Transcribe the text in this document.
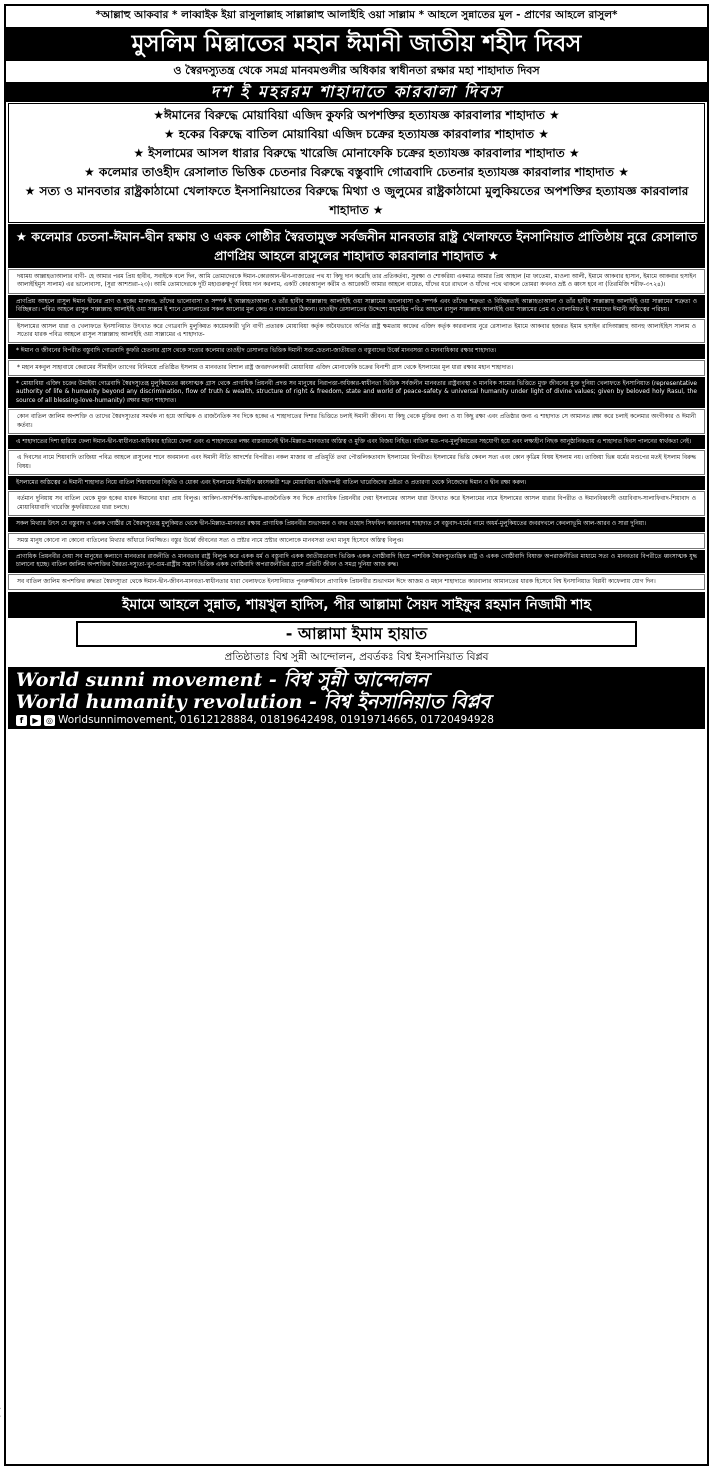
*আল্লাহু আকবার * লাব্বাইক ইয়া রাসুলাল্লাহ সাল্লাল্লাহু আলাইহি ওয়া সাল্লাম * আহলে সুন্নাতের মুল - প্রাণের আহলে রাসুল*
মুসলিম মিল্লাতের মহান ঈমানী জাতীয় শহীদ দিবস
ও স্বৈরদস্যুতন্ত্র থেকে সমগ্র মানবমণ্ডলীর অধিকার স্বাধীনতা রক্ষার মহা শাহাদাত দিবস
দশ ই মহররম শাহাদাতে কারবালা দিবস
★ঈমানের বিরুদ্ধে মোয়াবিয়া এজিদ কুফরি অপশক্তির হত্যাযজ্ঞ কারবালার শাহাদাত ★
★ হকের বিরুদ্ধে বাতিল মোয়াবিয়া এজিদ চক্রের হত্যাযজ্ঞ কারবালার শাহাদাত ★
★ ইসলামের আসল ধারার বিরুদ্ধে খারেজি মোনাফেকি চক্রের হত্যাযজ্ঞ কারবালার শাহাদাত ★
★ কলেমার তাওহীদ রেসালাত ভিত্তিক চেতনার বিরুদ্ধে বস্তুবাদি গোত্রবাদি চেতনার হত্যাযজ্ঞ কারবালার শাহাদাত ★
★ সত্য ও মানবতার রাষ্ট্রকাঠামো খেলাফতে ইনসানিয়াতের বিরুদ্ধে মিথ্যা ও জুলুমের রাষ্ট্রকাঠামো মুলুকিয়তের অপশক্তির হত্যাযজ্ঞ কারবালার শাহাদাত ★
★ কলেমার চেতনা-ঈমান-দ্বীন রক্ষায় ও একক গোষ্ঠীর স্বৈরতামুক্ত সর্বজনীন মানবতার রাষ্ট্র খেলাফতে ইনসানিয়াত প্রাতিষ্ঠায় নুরে রেসালাত প্রাণপ্রিয় আহলে রাসুলের শাহাদাত কারবালার শাহাদাত ★
দয়াময় আল্লাহতাআলার বাণী- হে আমার পরম প্রিয় হাবীব, সবাইকে বলে দিন, আমি তোমাদেরকে ঈমান-কোরআন-দ্বীন-নাজাতের পথ যা কিছু দান করেছি তার প্রতিকর্তব্য, সুরক্ষা ও শোকরিয়া একমাত্র আমার প্রিয় আহাল (মা ফাতেমা, মাওলা আলী, ইমামে আকবার হাসান, ইমামে আকবার হুসাইন আলাইহিমুস সালাম) এর ভালোবাসা, (সুরা আশশুরা-২৩)। আমি তোমাদেরকে দুটি মহাগুরুত্বপূর্ণ বিষয় দান করলাম, একটি কোরআনুল করীম ও আরেকটি আমার আহলে বায়েত, যাঁদের ধরে রাখলে ও যাঁদের পথে থাকলে তোমরা কখনও ভ্রষ্ট ও ধ্বংস হবে না (তিরমিজি শরীফ-৩৭২৪)।
প্রাণপ্রিয় আহলে রাসুল ঈমান দ্বীনের প্রাণ ও হকের মানদণ্ড, তাঁদের ভালোবাসা ও সম্পর্ক ই আল্লাহতাআলা ও তাঁর হাবীব সাল্লাল্লাহু আলাইহি ওয়া সাল্লামের ভালোবাসা ও সম্পর্ক এবং তাঁদের শত্রুতা ও বিচ্ছিন্নতাই আল্লাহতাআলা ও তাঁর হাবীব সাল্লাল্লাহু আলাইহি ওয়া সাল্লামের শত্রুতা ও বিচ্ছিন্নতা। পবিত্র আহলে রাসুল সাল্লাল্লাহু আলাইহি ওয়া সাল্লাম ই শানে রেসালাতের সকল আলোর মূল কেন্দ্র ও নাজাতের ঠিকানা। তাওহীদ রেসালাতের উদ্দেশ্যে মহামহিম পবিত্র আহলে রাসুল সাল্লাল্লাহু আলাইহি ওয়া সাল্লামের প্রেম ও গোলামিয়ত ই আমাদের ঈমানী অস্তিত্বের পরিচয়।
ইসলামের আসল ধারা ও খেলাফতে ইনসানিয়াত উৎখাত করে গোত্রবাদি মুলুকিয়ত কায়েমকারী খুনি বাগী প্রতারক মোয়াবিয়া কর্তৃক অবৈধভাবে অর্পিত রাষ্ট্র ক্ষমতায় কাফের এজিদ কর্তৃক কারবালায় নুরে রেসালাত ইমামে আকবার হজরত ইমাম হুসাইন রাদিআল্লাহু আনহু আলাইহিস সালাম ও সত্যের ধারক পবিত্র আহলে রাসুল সাল্লাল্লাহু আলাইহি ওয়া সাল্লামের এ শাহাদাত-
* ঈমান ও জীবনের বিপরীত বস্তুবাদি গোত্রবাদি কুফরি চেতনার গ্রাস থেকে সত্যের কলেমার তাওহীদ রেসালাত ভিত্তিক ঈমানী সত্তা-চেতনা-জাতীয়তা ও বস্তুবাদের উর্ধ্বে মানবসত্তা ও মানবাধিকার রক্ষার শাহাদাত।
* মহান মকবুল সাহাবায়ে কেরামের সীমাহীন ত্যাগের বিনিময়ে প্রতিষ্ঠিত ইসলাম ও মানবতার বিশাল রাষ্ট্র জবরদখলকারী মোয়াবিয়া এজিদ মোনাফেকি চক্রের বিনাশী গ্রাস থেকে ইসলামের মূল ধারা রক্ষার মহান শাহাদাত।
* মোয়াবিয়া এজিদ চক্রের উমাইয়া গোত্রবাদি স্বৈরদস্যুতন্ত্র মুলুকিয়তের ধ্বংসাত্মক গ্রাস থেকে প্রাণাধিক প্রিয়নবী প্রদত্ত সব মানুষের নিরাপত্তা-অধিকার-স্বাধীনতা ভিত্তিক সর্বজনীন মানবতার রাষ্ট্রব্যবস্থা ও মানবিক সাম্যের ভিত্তিতে মুক্ত জীবনের মুক্ত দুনিয়া খেলাফতে ইনসানিয়াত (representative authority of life & humanity beyond any discrimination, flow of truth & wealth, structure of right & freedom, state and world of peace-safety & universal humanity under light of divine values; given by beloved holy Rasul, the source of all blessing-love-humanity) রক্ষার মহান শাহাদাত।
কোন বাতিল জালিম অপশক্তি ও তাদের স্বৈরদস্যুতার সমর্থক না হয়ে আত্মিক ও রাজনৈতিক সব দিকে হকের এ শাহাদাতের দিশার ভিত্তিতে চলাই ঈমানী জীবন। যা কিছু থেকে মুক্তির জন্য ও যা কিছু রক্ষা এবং প্রতিষ্ঠার জন্য এ শাহাদাত সে আমানত রক্ষা করে চলাই কলেমার অংগীকার ও ঈমানী কর্তব্য।
এ শাহাদাতের দিশা হারিয়ে ফেলা ঈমান-দ্বীন-স্বাধীনতা-অধিকার হারিয়ে ফেলা এবং এ শাহাদাতের লক্ষ্য বাস্তবায়নেই দ্বীন-মিল্লাত-মানবতার অস্তিত্ব ও মুক্তি এবং বিজয় নিহিত। বাতিল মত-পথ-মুলুকিয়তের সহযোগী হয়ে এবং লক্ষ্যহীন নিছক আনুষ্ঠানিকতায় এ শাহাদাত দিবস পালনের স্বার্থকতা নেই।
এ দিবসের নামে শিয়াবাদি তাজিয়া পবিত্র আহলে রাসুলের শানে অবমাননা এবং ঈমানী নীতি আদর্শের বিপরীত। নকল মাজার বা প্রতিমূর্তি তথা পৌত্তলিকতাবাদ ইসলামের বিপরীত। ইসলামের ভিত্তি কেবল সত্য এবং কোন কৃত্রিম বিষয় ইসলাম নয়। তাজিয়া ভিন্ন ধর্মের মণ্ডপের মতই ইসলাম বিরুদ্ধ বিষয়।
ইসলামের অস্তিত্বের এ ঈমানী শাহাদাত নিয়ে বাতিল শিয়াবাদের বিকৃতি ও ধোকা এবং ইসলামের সীমাহীন ধ্বংসকারী শত্রু মোয়াবিয়া এজিদপন্থী বাতিল খারেজিদের ভ্রষ্টতা ও প্রতারণা থেকে নিজেদের ঈমান ও দ্বীন রক্ষা করুন।
বর্তমান দুনিয়ায় সব বাতিল থেকে মুক্ত হকের ধারক ঈমানের ধারা প্রায় বিলুপ্ত। আকিদা-আদর্শিক-আত্মিক-রাজনৈতিক সব দিকে প্রাণাধিক প্রিয়নবীর দেয়া ইসলামের আসল ধারা উৎখাত করে ইসলামের নামে ইসলামের আসল ধারার বিপরীত ও ঈমানবিধ্বংসী ওয়াবিবাদ-সালাফিবাদ-শিয়াবাদ ও মোয়াবিয়াবাদি খারেজি কুফরিয়াতের ধারা চলছে।
সকল মিথ্যার উৎস যে বস্তুবাদ ও একক গোষ্ঠীর যে স্বৈরদস্যুতন্ত্র মুলুকিয়ত থেকে দ্বীন-মিল্লাত-মানবতা রক্ষায় প্রাণাধিক প্রিয়নবীর শুভাগমন ও বদর ওহোদ সিফফিন কারবালার শাহাদাত সে বস্তুবাদ-ধর্মের নামে অধর্ম-মুলুকিয়তের জবরদখলে কেবলাভূমি আল-আরব ও সারা দুনিয়া।
সমস্ত মানুষ কোনো না কোনো বাতিলের মিথ্যার আঁধারে নিমজ্জিত। বস্তুর উর্ধ্বে জীবনের সত্য ও স্রষ্টার নামে স্রষ্টার আলোকে মানবসত্তা তথা মানুষ হিসেবে অস্তিত্ব বিলুপ্ত।
প্রাণাধিক প্রিয়নবীর দেয়া সব মানুষের কল্যাণে মানবতার রাজনীতি ও মানবতার রাষ্ট্র বিলুপ্ত করে একক ধর্ম ও বস্তুবাদি একক জাতীয়তাবাদ ভিত্তিক একক গোষ্ঠীবাদি হিংস্র পাশবিক স্বৈরদস্যুতান্ত্রিক রাষ্ট্র ও একক গোষ্ঠীবাদি বিষাক্ত অপরাজনীতির মাধ্যমে সত্য ও মানবতার বিপরীতে ধ্বংসাত্মক যুদ্ধ চালানো হচ্ছে। বাতিল জালিম অপশক্তির স্বৈরতা-দস্যুতা-খুন-গুম-রাষ্ট্রীয় সন্ত্রাস ভিত্তিক একক গোষ্ঠিবাদি অপরাজনীতির গ্রাসে প্রতিটি জীবন ও সমগ্র দুনিয়া আজ রুদ্ধ।
সব বাতিল জালিম অপশক্তির রুদ্ধতা স্বৈরদস্যুতা থেকে ঈমান-দ্বীন-জীবন-মানবতা-স্বাধীনতার ধারা খেলাফতে ইনসানিয়াত পুনরুজ্জীবনে প্রাণাধিক প্রিয়নবীর শুভাগমন ঈদে আজম ও মহান শাহাদাতে কারবালার আমানতের ধারক হিসেবে বিশ্ব ইনসানিয়াত বিপ্লবী কাফেলায় যোগ দিন।
ইমামে আহলে সুন্নাত, শায়খুল হাদিস, পীর আল্লামা সৈয়দ সাইফুর রহমান নিজামী শাহ
- আল্লামা ইমাম হায়াত
প্রতিষ্ঠাতাঃ বিশ্ব সুন্নী আন্দোলন, প্রবর্তকঃ বিশ্ব ইনসানিয়াত বিপ্লব
World sunni movement - বিশ্ব সুন্নী আন্দোলন
World humanity revolution - বিশ্ব ইনসানিয়াত বিপ্লব
f	▶ ◎ Worldsunnimovement, 01612128884, 01819642498, 01919714665, 01720494928
